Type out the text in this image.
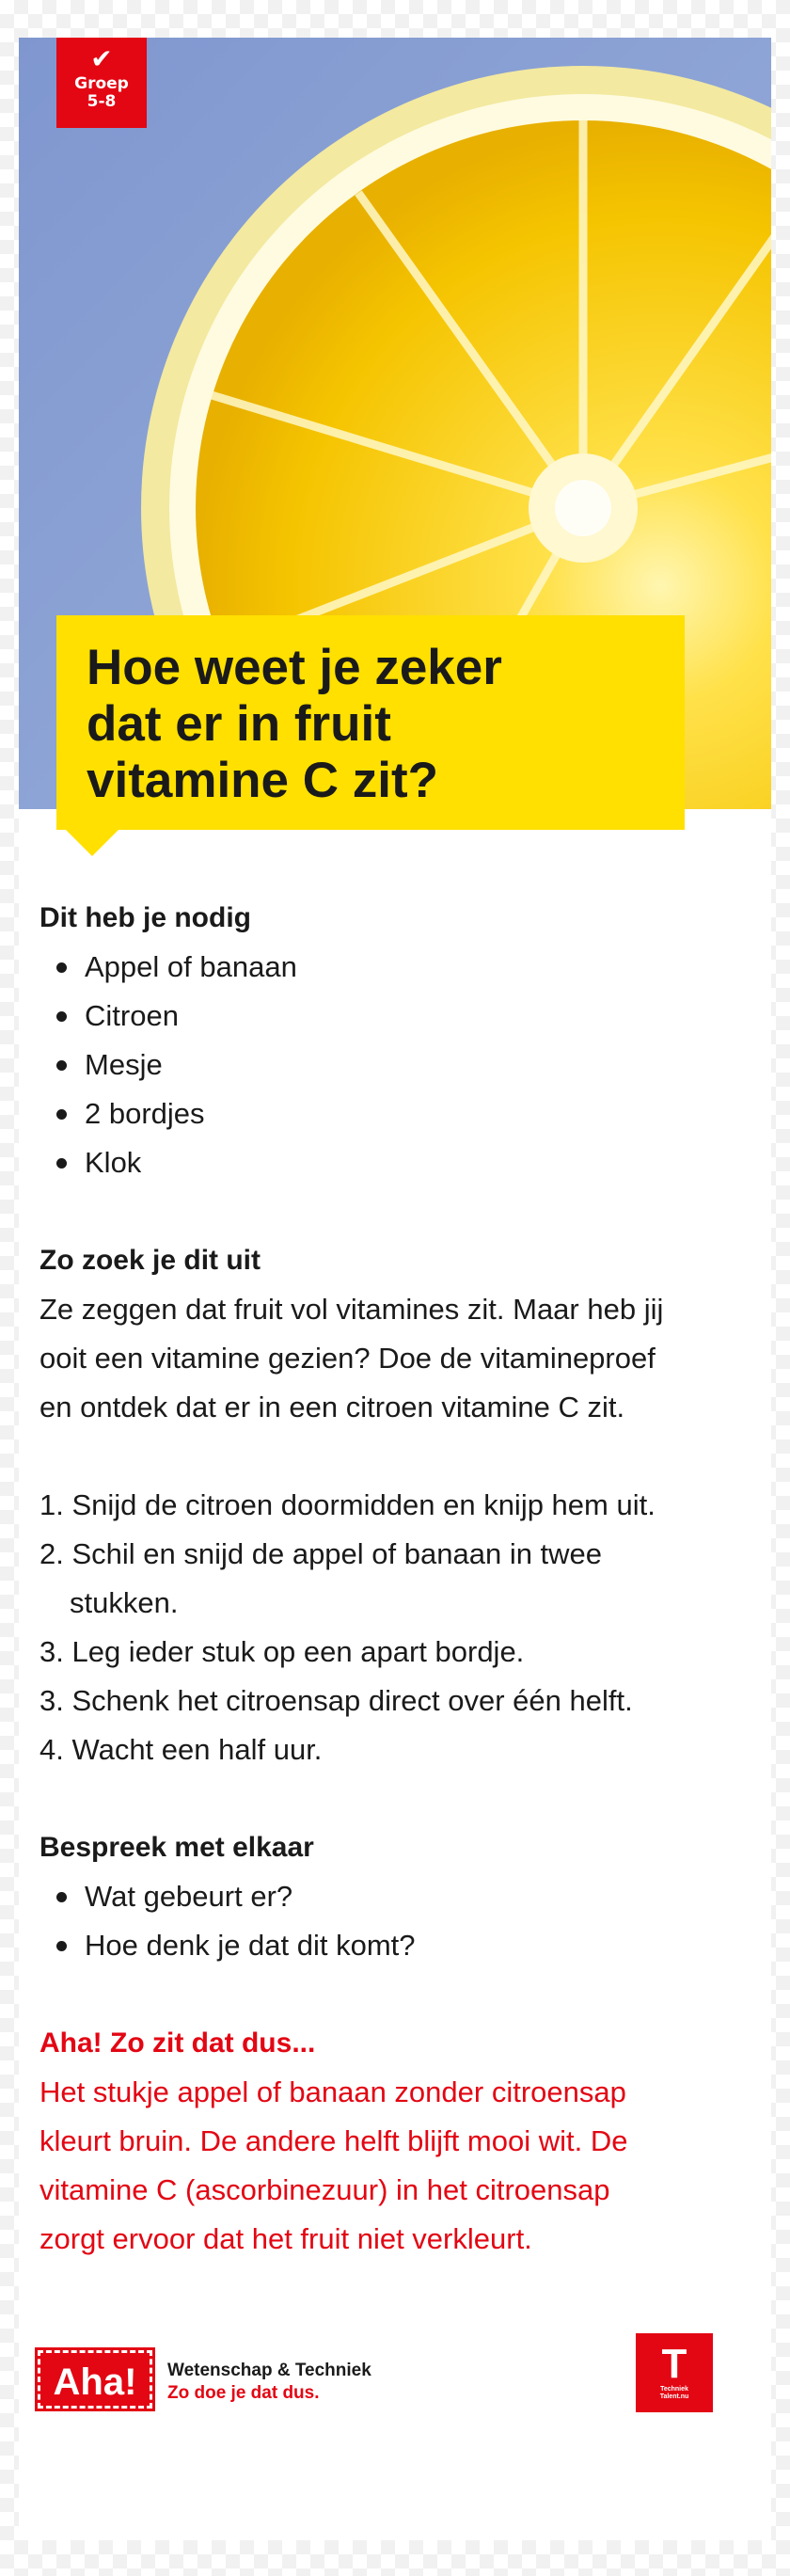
✔
Groep
5-8
Hoe weet je zeker
dat er in fruit
vitamine C zit?

Dit heb je nodig

Appel of banaan
Citroen
Mesje
2 bordjes
Klok

Zo zoek je dit uit

Ze zeggen dat fruit vol vitamines zit. Maar heb jij

ooit een vitamine gezien? Doe de vitamineproef

en ontdek dat er in een citroen vitamine C zit.

1. Snijd de citroen doormidden en knijp hem uit.
2. Schil en snijd de appel of banaan in twee stukken.
3. Leg ieder stuk op een apart bordje.
3. Schenk het citroensap direct over één helft.
4. Wacht een half uur.

Bespreek met elkaar

Wat gebeurt er?
Hoe denk je dat dit komt?

Aha! Zo zit dat dus...

Het stukje appel of banaan zonder citroensap

kleurt bruin. De andere helft blijft mooi wit. De

vitamine C (ascorbinezuur) in het citroensap

zorgt ervoor dat het fruit niet verkleurt.

Aha!	Wetenschap & Techniek
Zo doe je dat dus.
T
Techniek
Talent.nu
